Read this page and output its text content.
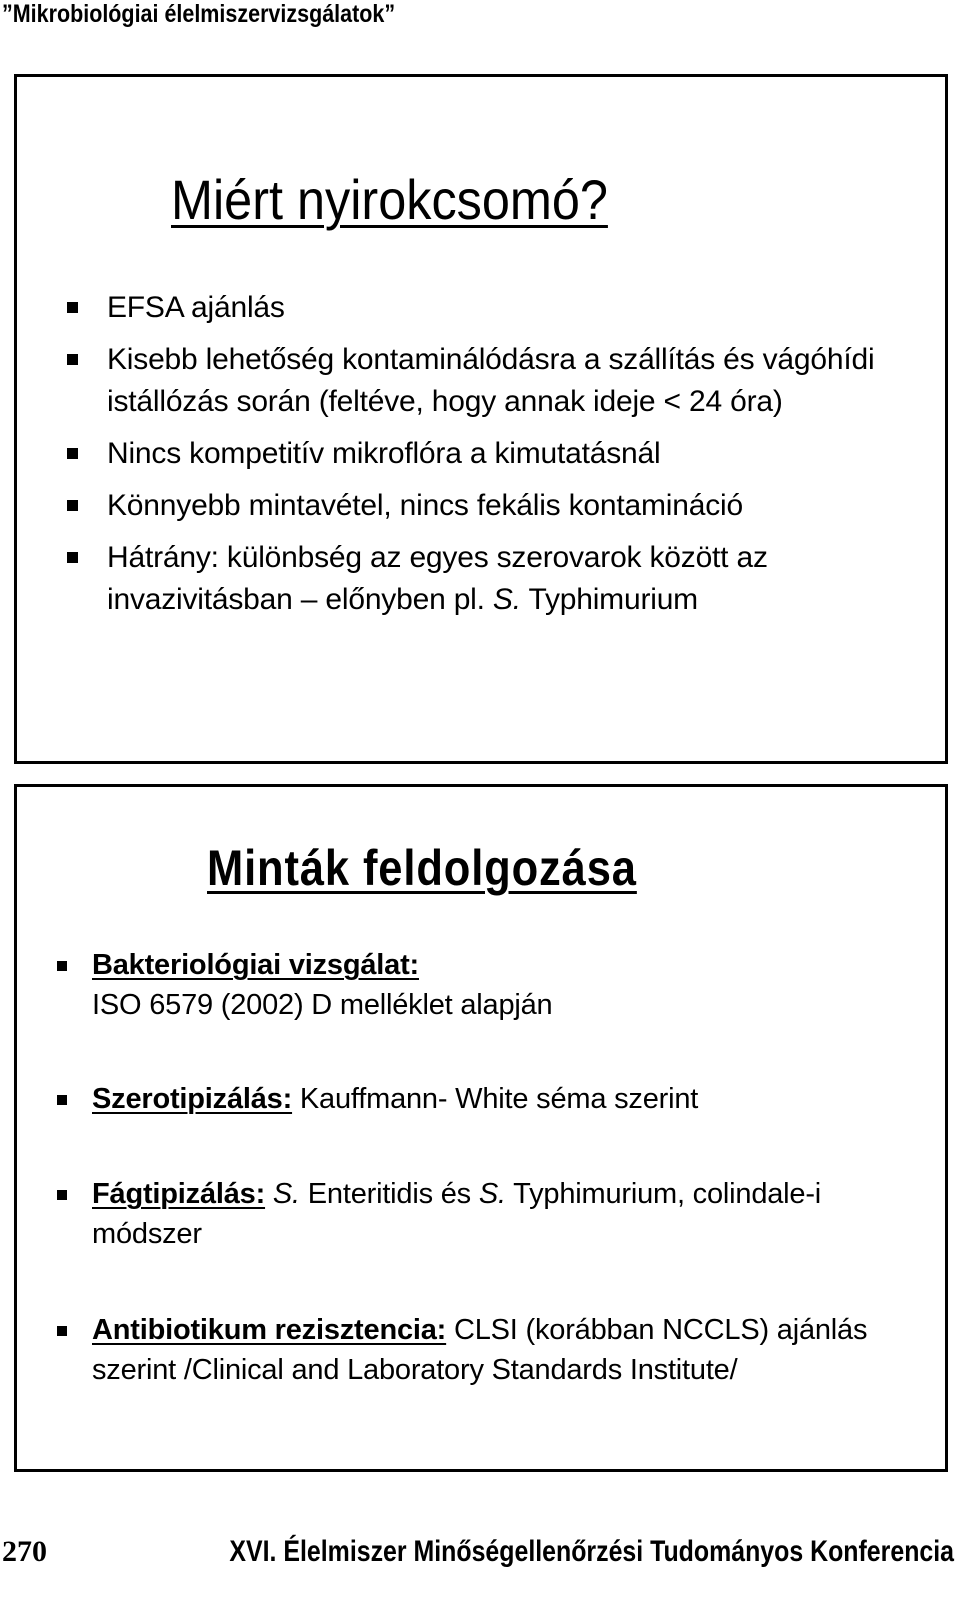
”Mikrobiológiai élelmiszervizsgálatok”
Miért nyirokcsomó?
EFSA ajánlás
Kisebb lehetőség kontaminálódásra a szállítás és vágóhídi istállózás során (feltéve, hogy annak ideje < 24 óra)
Nincs kompetitív mikroflóra a kimutatásnál
Könnyebb mintavétel, nincs fekális kontamináció
Hátrány: különbség az egyes szerovarok között az invazivitásban – előnyben pl. S. Typhimurium
Minták feldolgozása
Bakteriológiai vizsgálat:
ISO 6579 (2002) D melléklet alapján
Szerotipizálás: Kauffmann- White séma szerint
Fágtipizálás: S. Enteritidis és S. Typhimurium, colindale-i módszer
Antibiotikum rezisztencia: CLSI (korábban NCCLS) ajánlás szerint /Clinical and Laboratory Standards Institute/
270	XVI. Élelmiszer Minőségellenőrzési Tudományos Konferencia
